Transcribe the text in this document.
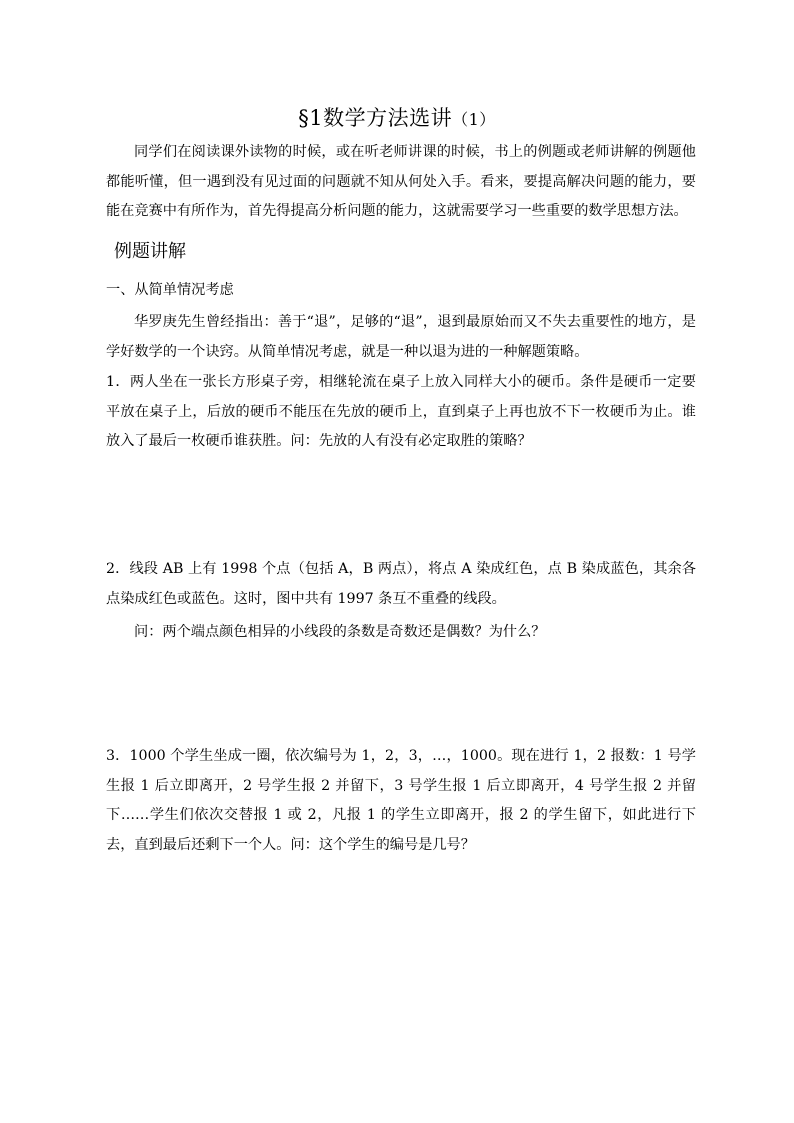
§1数学方法选讲（1）

同学们在阅读课外读物的时候，或在听老师讲课的时候，书上的例题或老师讲解的例题他都能听懂，但一遇到没有见过面的问题就不知从何处入手。看来，要提高解决问题的能力，要能在竞赛中有所作为，首先得提高分析问题的能力，这就需要学习一些重要的数学思想方法。

例题讲解

一、从简单情况考虑

华罗庚先生曾经指出：善于“退”，足够的“退”，退到最原始而又不失去重要性的地方，是学好数学的一个诀窍。从简单情况考虑，就是一种以退为进的一种解题策略。

1．两人坐在一张长方形桌子旁，相继轮流在桌子上放入同样大小的硬币。条件是硬币一定要平放在桌子上，后放的硬币不能压在先放的硬币上，直到桌子上再也放不下一枚硬币为止。谁放入了最后一枚硬币谁获胜。问：先放的人有没有必定取胜的策略？

2．线段 AB 上有 1998 个点（包括 A，B 两点），将点 A 染成红色，点 B 染成蓝色，其余各点染成红色或蓝色。这时，图中共有 1997 条互不重叠的线段。

问：两个端点颜色相异的小线段的条数是奇数还是偶数？为什么？

3．1000 个学生坐成一圈，依次编号为 1，2，3，…，1000。现在进行 1，2 报数：1 号学生报 1 后立即离开，2 号学生报 2 并留下，3 号学生报 1 后立即离开，4 号学生报 2 并留下……学生们依次交替报 1 或 2，凡报 1 的学生立即离开，报 2 的学生留下，如此进行下去，直到最后还剩下一个人。问：这个学生的编号是几号？
